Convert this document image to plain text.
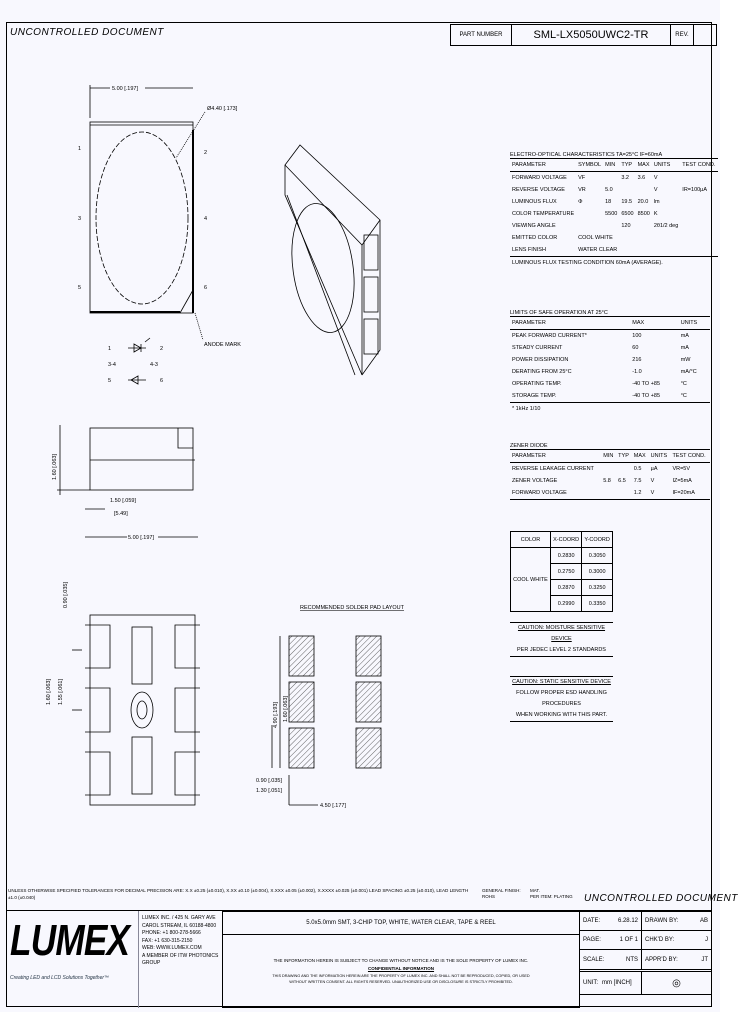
UNCONTROLLED DOCUMENT	PART NUMBER	SML-LX5050UWC2-TR	REV.
5.00 [.197]
Ø4.40 [.173]
ANODE MARK
1
3
5
2
4
6
1	2
3-4	4-3
5	6
1.60 [.063]
1.50 [.059]
[5.49]
5.00 [.197]
0.90 [.035]
1.60 [.063] 1.55 [.061]
RECOMMENDED SOLDER PAD LAYOUT
4.90 [.193] 1.60 [.063]
0.90 [.035]
1.30 [.051]
4.50 [.177]
ELECTRO-OPTICAL CHARACTERISTICS TA=25°C IF=60mA
PARAMETER	SYMBOL	MIN	TYP	MAX	UNITS	TEST COND.
FORWARD VOLTAGE	VF		3.2	3.6	V	
REVERSE VOLTAGE	VR	5.0			V	IR=100µA
LUMINOUS FLUX	Φ	18	19.5	20.0	lm	
COLOR TEMPERATURE		5500	6500	8500	K	
VIEWING ANGLE			120		2θ1/2 deg	
EMITTED COLOR	COOL WHITE					
LENS FINISH	WATER CLEAR					
LUMINOUS FLUX TESTING CONDITION 60mA (AVERAGE).						
LIMITS OF SAFE OPERATION AT 25°C
PARAMETER	MAX	UNITS
PEAK FORWARD CURRENT*	100	mA
STEADY CURRENT	60	mA
POWER DISSIPATION	216	mW
DERATING FROM 25°C	-1.0	mA/°C
OPERATING TEMP.	-40 TO +85	°C
STORAGE TEMP.	-40 TO +85	°C
* 1kHz 1/10		
ZENER DIODE
PARAMETER	MIN	TYP	MAX	UNITS	TEST COND.
REVERSE LEAKAGE CURRENT			0.5	µA	VR=5V
ZENER VOLTAGE	5.8	6.5	7.5	V	IZ=5mA
FORWARD VOLTAGE			1.2	V	IF=20mA
COLOR	X-COORD	Y-COORD
COOL WHITE	0.2830	0.3050
	0.2750	0.3000
	0.2870	0.3250
	0.2990	0.3350
CAUTION: MOISTURE SENSITIVE DEVICE
PER JEDEC LEVEL 2 STANDARDS
CAUTION: STATIC SENSITIVE DEVICE
FOLLOW PROPER ESD HANDLING PROCEDURES
WHEN WORKING WITH THIS PART.
UNLESS OTHERWISE SPECIFIED TOLERANCES FOR DECIMAL PRECISION ARE: X.X ±0.25 (±0.010), X.XX ±0.10 (±0.004), X.XXX ±0.05 (±0.002), X.XXXX ±0.025 (±0.001) LEAD SPACING ±0.25 (±0.010), LEAD LENGTH ±1.0 (±0.040)
GENERAL FINISH: ROHS
MAT.
PER ITEM: PLATING	UNCONTROLLED DOCUMENT
LUMEX
Creating LED and LCD Solutions Together™
LUMEX INC. / 425 N. GARY AVE
CAROL STREAM, IL 60188-4800
PHONE: +1 800-278-5666
FAX: +1 630-315-2150
WEB: WWW.LUMEX.COM
A MEMBER OF ITW PHOTONICS GROUP
5.0x5.0mm SMT, 3-CHIP TOP, WHITE, WATER CLEAR, TAPE & REEL
THE INFORMATION HEREIN IS SUBJECT TO CHANGE WITHOUT NOTICE AND IS THE SOLE PROPERTY OF LUMEX INC.
CONFIDENTIAL INFORMATION
THIS DRAWING AND THE INFORMATION HEREIN ARE THE PROPERTY OF LUMEX INC. AND SHALL NOT BE REPRODUCED, COPIED, OR USED
WITHOUT WRITTEN CONSENT. ALL RIGHTS RESERVED. UNAUTHORIZED USE OR DISCLOSURE IS STRICTLY PROHIBITED.
DATE:	6.28.12 DRAWN BY:	AB
PAGE:	1 OF 1 CHK'D BY:	J
SCALE:	NTS APPR'D BY:	JT
UNIT: mm [INCH]	◎
